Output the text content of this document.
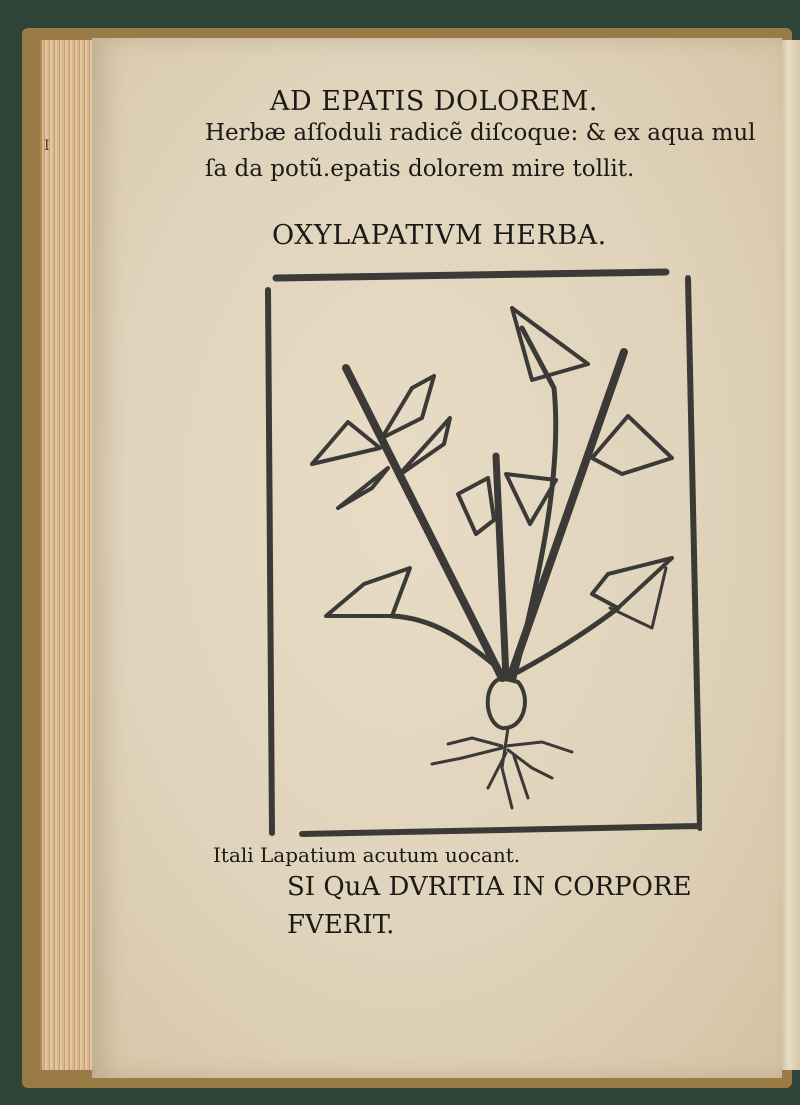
I
AD EPATIS DOLOREM.
Herbæ aſſoduli radicẽ diſcoque: & ex aqua mul
ſa da potũ.epatis dolorem mire tollit.
OXYLAPATIVM HERBA.
Itali Lapatium acutum uocant.
SI QuA DVRITIA IN CORPORE
FVERIT.
